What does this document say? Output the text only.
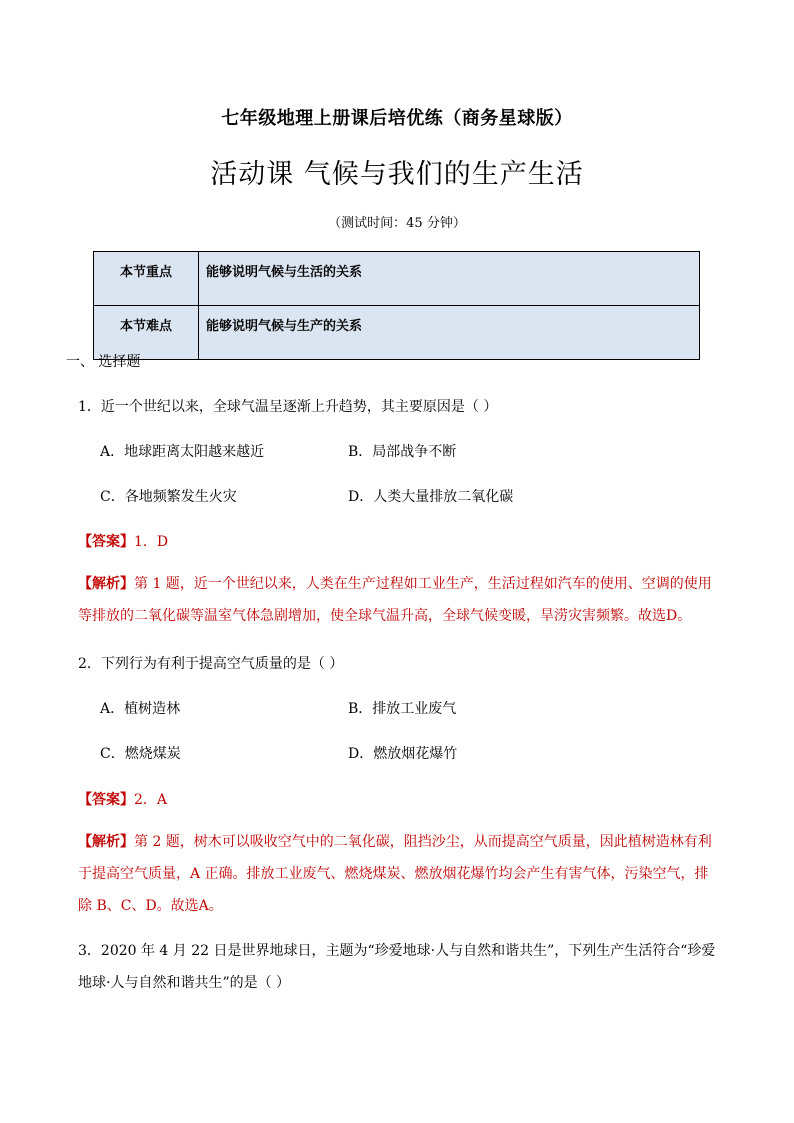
七年级地理上册课后培优练（商务星球版）
活动课 气候与我们的生产生活
（测试时间：45 分钟）
本节重点	能够说明气候与生活的关系
本节难点	能够说明气候与生产的关系
一、 选择题
1．近一个世纪以来，全球气温呈逐渐上升趋势，其主要原因是（ ）
A．地球距离太阳越来越近	B．局部战争不断
C．各地频繁发生火灾	D．人类大量排放二氧化碳
【答案】1．D
【解析】第 1 题，近一个世纪以来，人类在生产过程如工业生产，生活过程如汽车的使用、空调的使用等排放的二氧化碳等温室气体急剧增加，使全球气温升高，全球气候变暖，旱涝灾害频繁。故选D。
2．下列行为有利于提高空气质量的是（ ）
A．植树造林	B．排放工业废气
C．燃烧煤炭	D．燃放烟花爆竹
【答案】2．A
【解析】第 2 题，树木可以吸收空气中的二氧化碳，阻挡沙尘，从而提高空气质量，因此植树造林有利于提高空气质量，A 正确。排放工业废气、燃烧煤炭、燃放烟花爆竹均会产生有害气体，污染空气，排除 B、C、D。故选A。
3．2020 年 4 月 22 日是世界地球日，主题为“珍爱地球·人与自然和谐共生”，下列生产生活符合“珍爱地球·人与自然和谐共生”的是（ ）
